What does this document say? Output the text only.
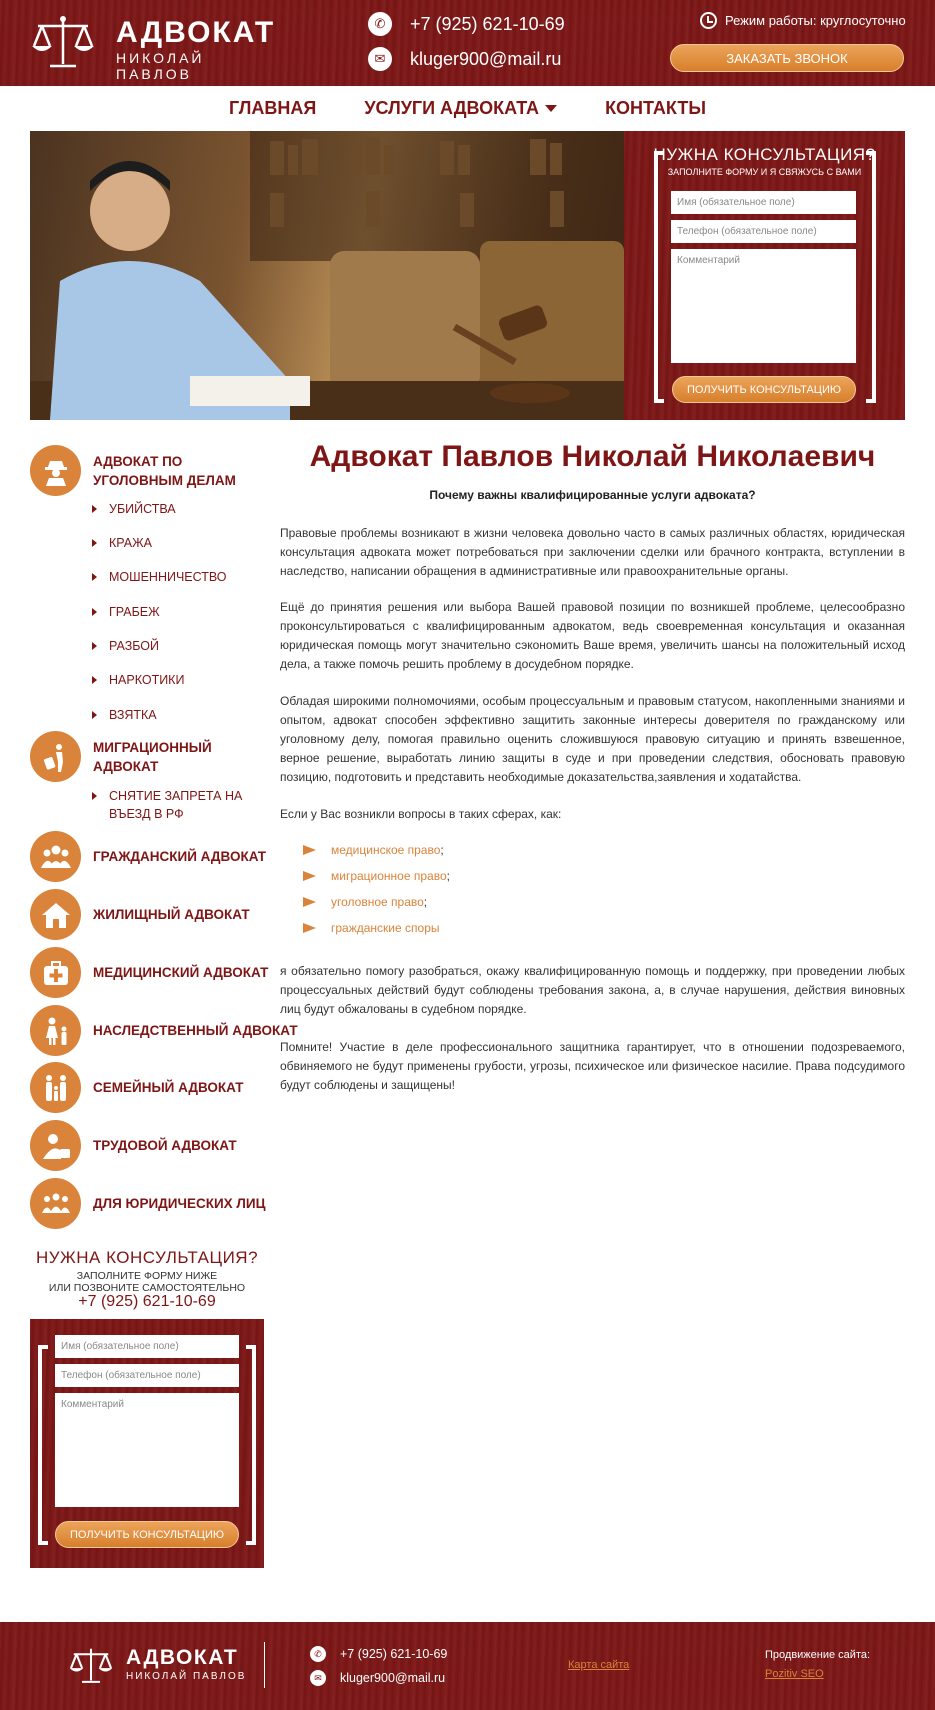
АДВОКАТ
НИКОЛАЙ ПАВЛОВ
✆	+7 (925) 621-10-69
✉	kluger900@mail.ru
Режим работы: круглосуточно
ЗАКАЗАТЬ ЗВОНОК
ГЛАВНАЯ	УСЛУГИ АДВОКАТА	КОНТАКТЫ
НУЖНА КОНСУЛЬТАЦИЯ?
ЗАПОЛНИТЕ ФОРМУ И Я СВЯЖУСЬ С ВАМИ
Имя (обязательное поле)
Телефон (обязательное поле)
Комментарий
ПОЛУЧИТЬ КОНСУЛЬТАЦИЮ
АДВОКАТ ПО УГОЛОВНЫМ ДЕЛАМ
УБИЙСТВА
КРАЖА
МОШЕННИЧЕСТВО
ГРАБЕЖ
РАЗБОЙ
НАРКОТИКИ
ВЗЯТКА
МИГРАЦИОННЫЙ АДВОКАТ
СНЯТИЕ ЗАПРЕТА НА ВЪЕЗД В РФ
ГРАЖДАНСКИЙ АДВОКАТ
ЖИЛИЩНЫЙ АДВОКАТ
МЕДИЦИНСКИЙ АДВОКАТ
НАСЛЕДСТВЕННЫЙ АДВОКАТ
СЕМЕЙНЫЙ АДВОКАТ
ТРУДОВОЙ АДВОКАТ
ДЛЯ ЮРИДИЧЕСКИХ ЛИЦ
НУЖНА КОНСУЛЬТАЦИЯ?
ЗАПОЛНИТЕ ФОРМУ НИЖЕ
ИЛИ ПОЗВОНИТЕ САМОСТОЯТЕЛЬНО
+7 (925) 621-10-69
Имя (обязательное поле)
Телефон (обязательное поле)
Комментарий
ПОЛУЧИТЬ КОНСУЛЬТАЦИЮ
Адвокат Павлов Николай Николаевич
Почему важны квалифицированные услуги адвоката?
Правовые проблемы возникают в жизни человека довольно часто в самых различных областях, юридическая консультация адвоката может потребоваться при заключении сделки или брачного контракта, вступлении в наследство, написании обращения в административные или правоохранительные органы.
Ещё до принятия решения или выбора Вашей правовой позиции по возникшей проблеме, целесообразно проконсультироваться с квалифицированным адвокатом, ведь своевременная консультация и оказанная юридическая помощь могут значительно сэкономить Ваше время, увеличить шансы на положительный исход дела, а также помочь решить проблему в досудебном порядке.
Обладая широкими полномочиями, особым процессуальным и правовым статусом, накопленными знаниями и опытом, адвокат способен эффективно защитить законные интересы доверителя по гражданскому или уголовному делу, помогая правильно оценить сложившуюся правовую ситуацию и принять взвешенное, верное решение, выработать линию защиты в суде и при проведении следствия, обосновать правовую позицию, подготовить и представить необходимые доказательства,заявления и ходатайства.
Если у Вас возникли вопросы в таких сферах, как:
медицинское право ;
миграционное право ;
уголовное право ;
гражданские споры
я обязательно помогу разобраться, окажу квалифицированную помощь и поддержку, при проведении любых процессуальных действий будут соблюдены требования закона, а, в случае нарушения, действия виновных лиц будут обжалованы в судебном порядке.
Помните! Участие в деле профессионального защитника гарантирует, что в отношении подозреваемого, обвиняемого не будут применены грубости, угрозы, психическое или физическое насилие. Права подсудимого будут соблюдены и защищены!
АДВОКАТ
НИКОЛАЙ ПАВЛОВ
✆	+7 (925) 621-10-69
✉	kluger900@mail.ru
Карта сайта
Продвижение сайта:
Pozitiv SEO
